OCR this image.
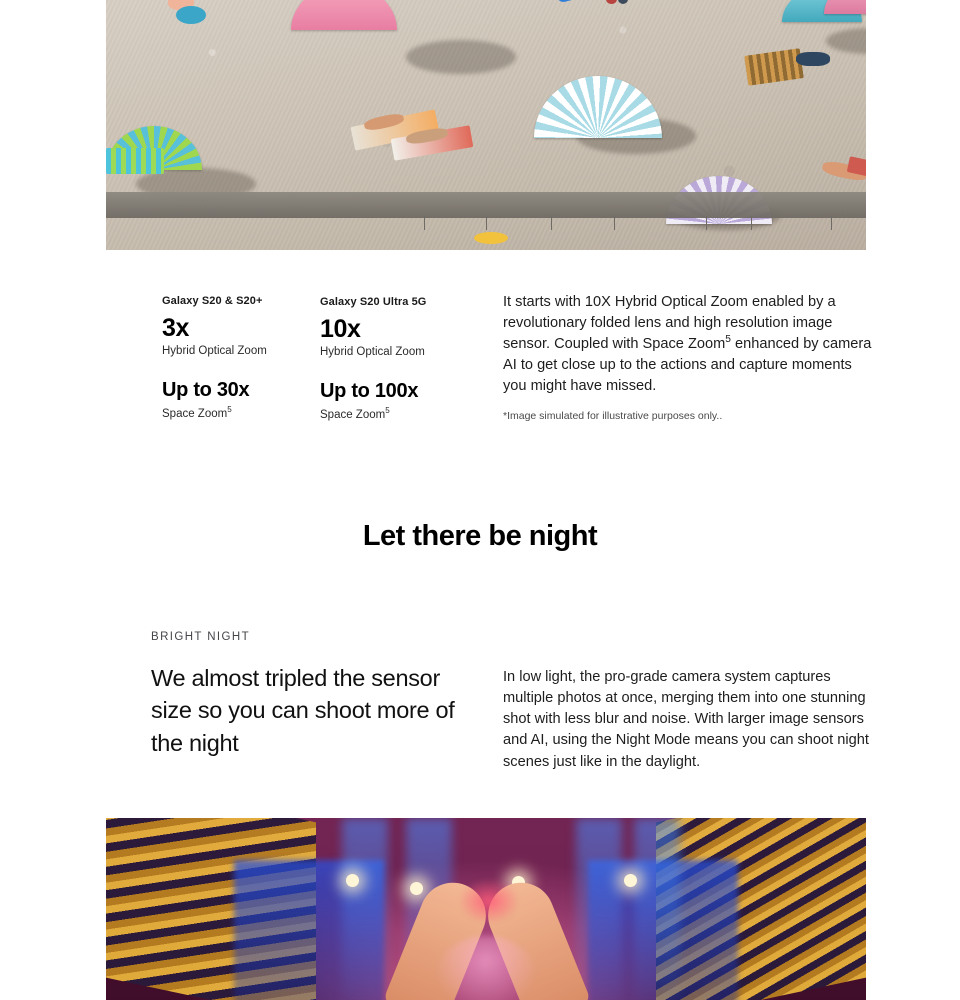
Galaxy S20 & S20+
3x
Hybrid Optical Zoom
Up to 30x
Space Zoom$^5$
Galaxy S20 Ultra 5G
10x
Hybrid Optical Zoom
Up to 100x
Space Zoom$^5$
It starts with 10X Hybrid Optical Zoom enabled by a revolutionary folded lens and high resolution image sensor. Coupled with Space Zoom$^5$ enhanced by camera AI to get close up to the actions and capture moments you might have missed.
*Image simulated for illustrative purposes only..
Let there be night
BRIGHT NIGHT
We almost tripled the sensor size so you can shoot more of the night
In low light, the pro-grade camera system captures multiple photos at once, merging them into one stunning shot with less blur and noise. With larger image sensors and AI, using the Night Mode means you can shoot night scenes just like in the daylight.
